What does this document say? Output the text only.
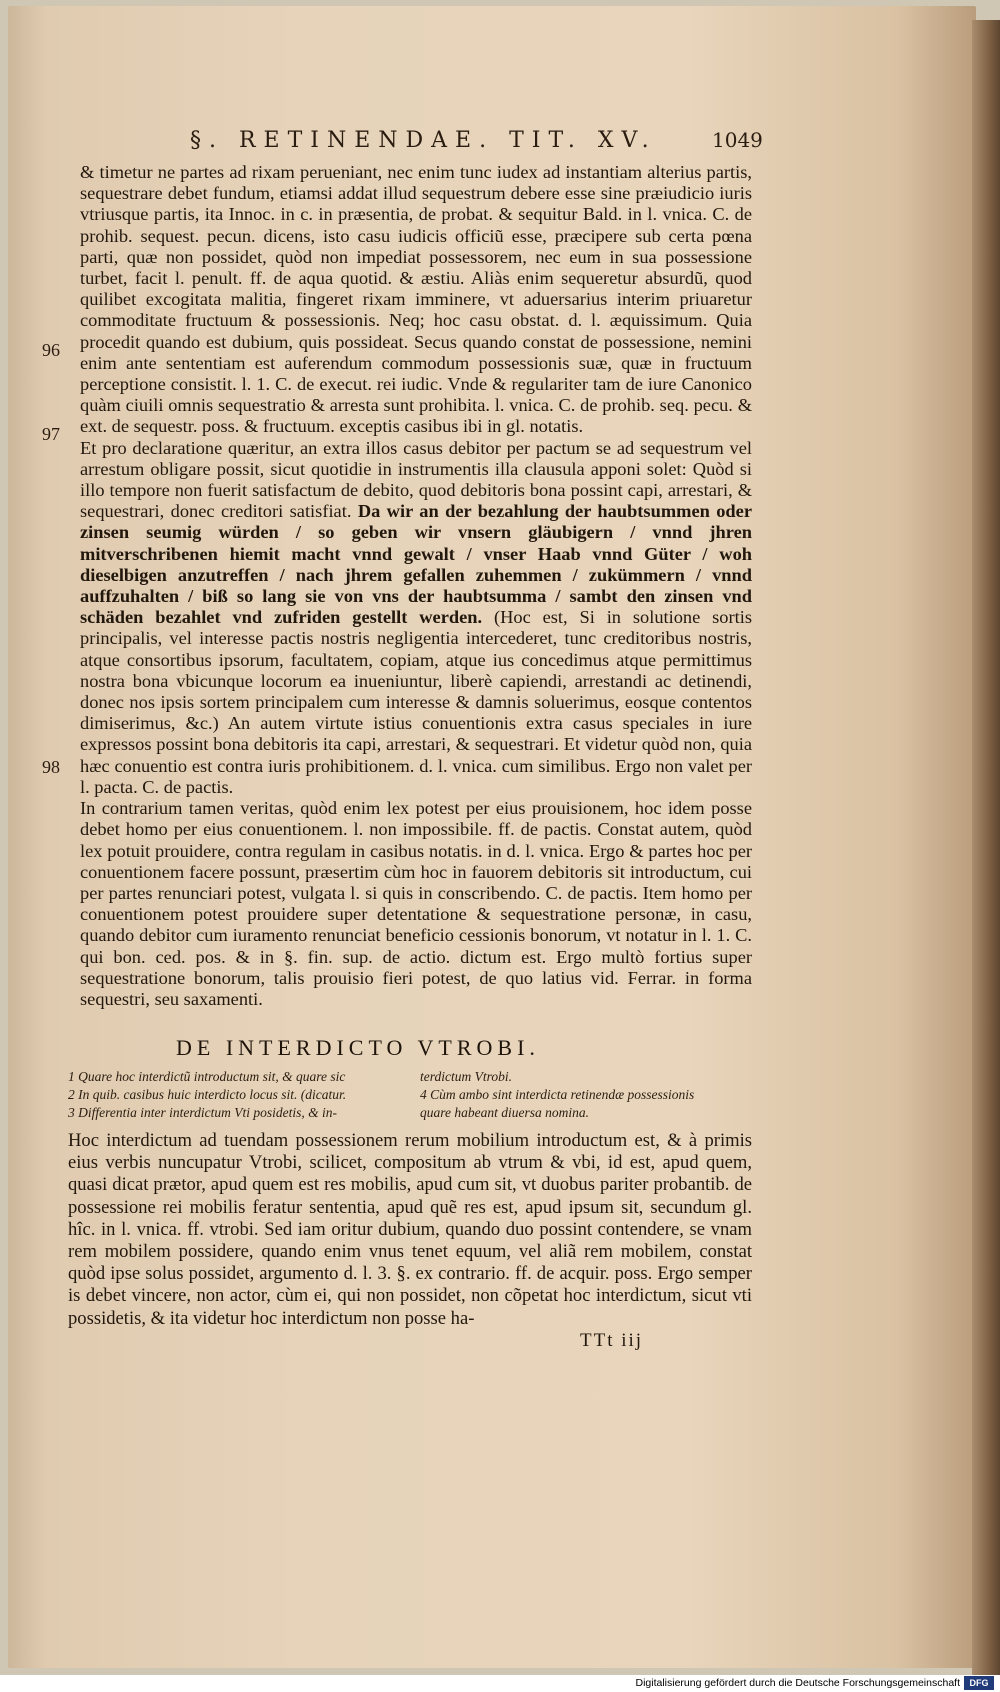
§. RETINENDAE. TIT. XV.	1049
96
97
98

& timetur ne partes ad rixam perueniant, nec enim tunc iudex ad instantiam alterius partis, sequestrare debet fundum, etiamsi addat illud sequestrum debere esse sine præiudicio iuris vtriusque partis, ita Innoc. in c. in præsentia, de probat. & sequitur Bald. in l. vnica. C. de prohib. sequest. pecun. dicens, isto casu iudicis officiũ esse, præcipere sub certa pœna parti, quæ non possidet, quòd non impediat possessorem, nec eum in sua possessione turbet, facit l. penult. ff. de aqua quotid. & æstiu. Aliàs enim sequeretur absurdũ, quod quilibet excogitata malitia, fingeret rixam imminere, vt aduersarius interim priuaretur commoditate fructuum & possessionis. Neq; hoc casu obstat. d. l. æquissimum. Quia procedit quando est dubium, quis possideat. Secus quando constat de possessione, nemini enim ante sententiam est auferendum commodum possessionis suæ, quæ in fructuum perceptione consistit. l. 1. C. de execut. rei iudic. Vnde & regulariter tam de iure Canonico quàm ciuili omnis sequestratio & arresta sunt prohibita. l. vnica. C. de prohib. seq. pecu. & ext. de sequestr. poss. & fructuum. exceptis casibus ibi in gl. notatis.

Et pro declaratione quæritur, an extra illos casus debitor per pactum se ad sequestrum vel arrestum obligare possit, sicut quotidie in instrumentis illa clausula apponi solet: Quòd si illo tempore non fuerit satisfactum de debito, quod debitoris bona possint capi, arrestari, & sequestrari, donec creditori satisfiat. Da wir an der bezahlung der haubtsummen oder zinsen seumig würden / so geben wir vnsern gläubigern / vnnd jhren mitverschribenen hiemit macht vnnd gewalt / vnser Haab vnnd Güter / woh dieselbigen anzutreffen / nach jhrem gefallen zuhemmen / zukümmern / vnnd auffzuhalten / biß so lang sie von vns der haubtsumma / sambt den zinsen vnd schäden bezahlet vnd zufriden gestellt werden. (Hoc est, Si in solutione sortis principalis, vel interesse pactis nostris negligentia intercederet, tunc creditoribus nostris, atque consortibus ipsorum, facultatem, copiam, atque ius concedimus atque permittimus nostra bona vbicunque locorum ea inueniuntur, liberè capiendi, arrestandi ac detinendi, donec nos ipsis sortem principalem cum interesse & damnis soluerimus, eosque contentos dimiserimus, &c.) An autem virtute istius conuentionis extra casus speciales in iure expressos possint bona debitoris ita capi, arrestari, & sequestrari. Et videtur quòd non, quia hæc conuentio est contra iuris prohibitionem. d. l. vnica. cum similibus. Ergo non valet per l. pacta. C. de pactis.

In contrarium tamen veritas, quòd enim lex potest per eius prouisionem, hoc idem posse debet homo per eius conuentionem. l. non impossibile. ff. de pactis. Constat autem, quòd lex potuit prouidere, contra regulam in casibus notatis. in d. l. vnica. Ergo & partes hoc per conuentionem facere possunt, præsertim cùm hoc in fauorem debitoris sit introductum, cui per partes renunciari potest, vulgata l. si quis in conscribendo. C. de pactis. Item homo per conuentionem potest prouidere super detentatione & sequestratione personæ, in casu, quando debitor cum iuramento renunciat beneficio cessionis bonorum, vt notatur in l. 1. C. qui bon. ced. pos. & in §. fin. sup. de actio. dictum est. Ergo multò fortius super sequestratione bonorum, talis prouisio fieri potest, de quo latius vid. Ferrar. in forma sequestri, seu saxamenti.

DE INTERDICTO VTROBI.
1 Quare hoc interdictũ introductum sit, & quare sic
2 In quib. casibus huic interdicto locus sit. (dicatur.
3 Differentia inter interdictum Vti posidetis, & in-
terdictum Vtrobi.
4 Cùm ambo sint interdicta retinendæ possessionis
quare habeant diuersa nomina.
Hoc interdictum ad tuendam possessionem rerum mobilium introductum est, & à primis eius verbis nuncupatur Vtrobi, scilicet, compositum ab vtrum & vbi, id est, apud quem, quasi dicat prætor, apud quem est res mobilis, apud cum sit, vt duobus pariter probantib. de possessione rei mobilis feratur sententia, apud quẽ res est, apud ipsum sit, secundum gl. hîc. in l. vnica. ff. vtrobi. Sed iam oritur dubium, quando duo possint contendere, se vnam rem mobilem possidere, quando enim vnus tenet equum, vel aliã rem mobilem, constat quòd ipse solus possidet, argumento d. l. 3. §. ex contrario. ff. de acquir. poss. Ergo semper is debet vincere, non actor, cùm ei, qui non possidet, non cõpetat hoc interdictum, sicut vti possidetis, & ita videtur hoc interdictum non posse ha-
TTt iij
Digitalisierung gefördert durch die Deutsche Forschungsgemeinschaft	DFG
